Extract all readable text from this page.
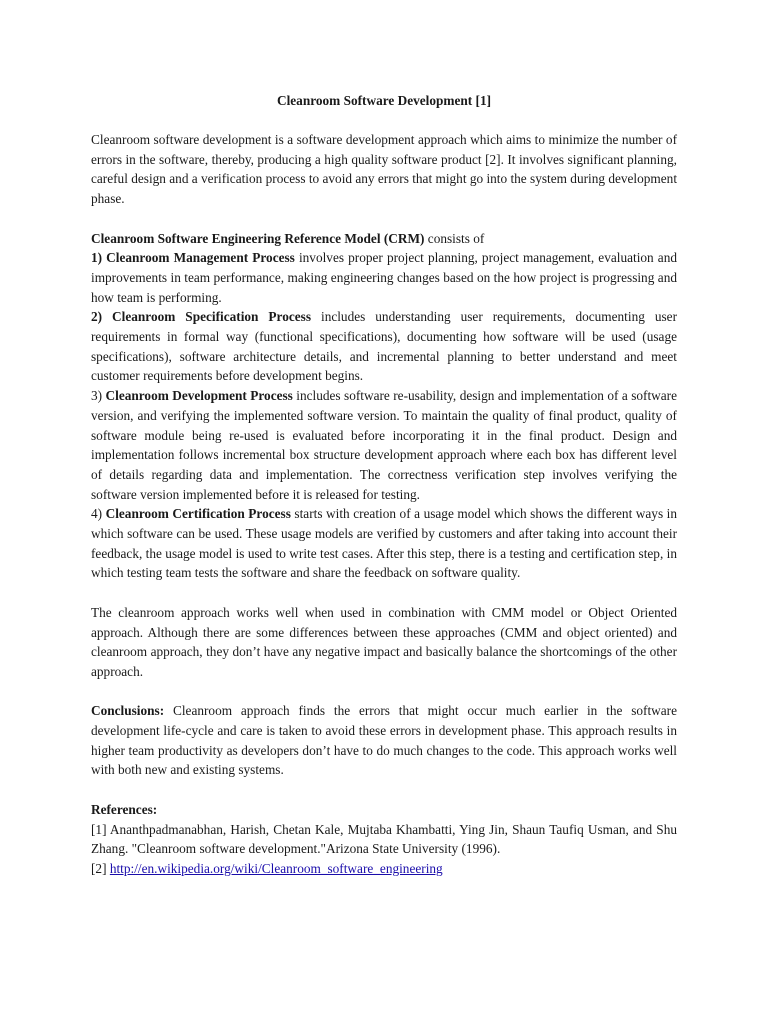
Cleanroom Software Development [1]

Cleanroom software development is a software development approach which aims to minimize the number of errors in the software, thereby, producing a high quality software product [2]. It involves significant planning, careful design and a verification process to avoid any errors that might go into the system during development phase.

Cleanroom Software Engineering Reference Model (CRM) consists of

1) Cleanroom Management Process involves proper project planning, project management, evaluation and improvements in team performance, making engineering changes based on the how project is progressing and how team is performing.

2) Cleanroom Specification Process includes understanding user requirements, documenting user requirements in formal way (functional specifications), documenting how software will be used (usage specifications), software architecture details, and incremental planning to better understand and meet customer requirements before development begins.

3) Cleanroom Development Process includes software re-usability, design and implementation of a software version, and verifying the implemented software version. To maintain the quality of final product, quality of software module being re-used is evaluated before incorporating it in the final product. Design and implementation follows incremental box structure development approach where each box has different level of details regarding data and implementation. The correctness verification step involves verifying the software version implemented before it is released for testing.

4) Cleanroom Certification Process starts with creation of a usage model which shows the different ways in which software can be used. These usage models are verified by customers and after taking into account their feedback, the usage model is used to write test cases. After this step, there is a testing and certification step, in which testing team tests the software and share the feedback on software quality.

The cleanroom approach works well when used in combination with CMM model or Object Oriented approach. Although there are some differences between these approaches (CMM and object oriented) and cleanroom approach, they don’t have any negative impact and basically balance the shortcomings of the other approach.

Conclusions: Cleanroom approach finds the errors that might occur much earlier in the software development life-cycle and care is taken to avoid these errors in development phase. This approach results in higher team productivity as developers don’t have to do much changes to the code. This approach works well with both new and existing systems.

References:

[1] Ananthpadmanabhan, Harish, Chetan Kale, Mujtaba Khambatti, Ying Jin, Shaun Taufiq Usman, and Shu Zhang. "Cleanroom software development."Arizona State University (1996).

[2] http://en.wikipedia.org/wiki/Cleanroom_software_engineering
